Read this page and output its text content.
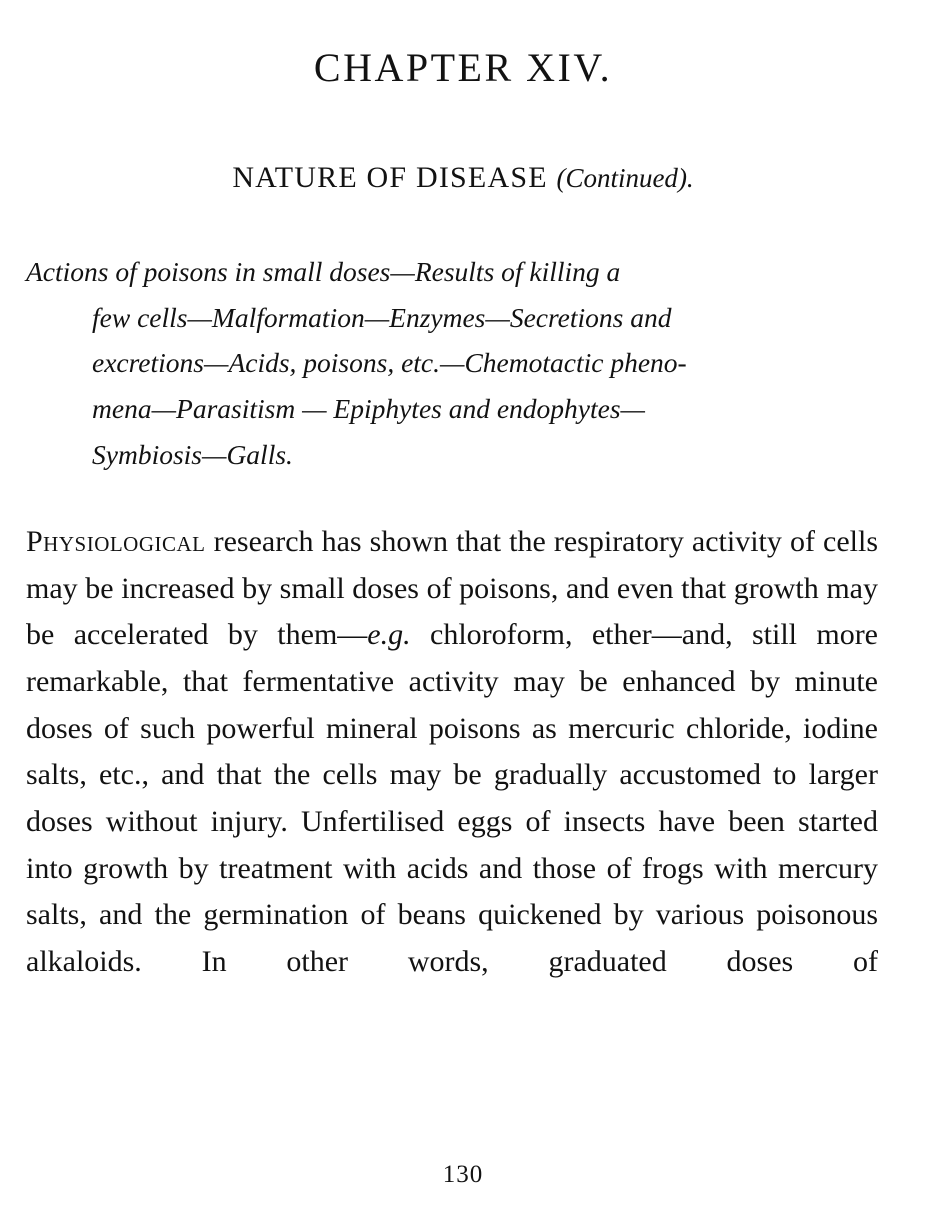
CHAPTER XIV.
NATURE OF DISEASE (Continued).
Actions of poisons in small doses—Results of killing a
few cells—Malformation—Enzymes—Secretions and
excretions—Acids, poisons, etc.—Chemotactic pheno-
mena—Parasitism — Epiphytes and endophytes—
Symbiosis—Galls.

Physiological research has shown that the respiratory activity of cells may be increased by small doses of poisons, and even that growth may be accelerated by them—e.g. chloroform, ether—and, still more remarkable, that fermentative activity may be enhanced by minute doses of such powerful mineral poisons as mercuric chloride, iodine salts, etc., and that the cells may be gradually accustomed to larger doses without injury. Unfertilised eggs of insects have been started into growth by treatment with acids and those of frogs with mercury salts, and the germination of beans quickened by various poisonous alkaloids. In other words, graduated doses of

130
